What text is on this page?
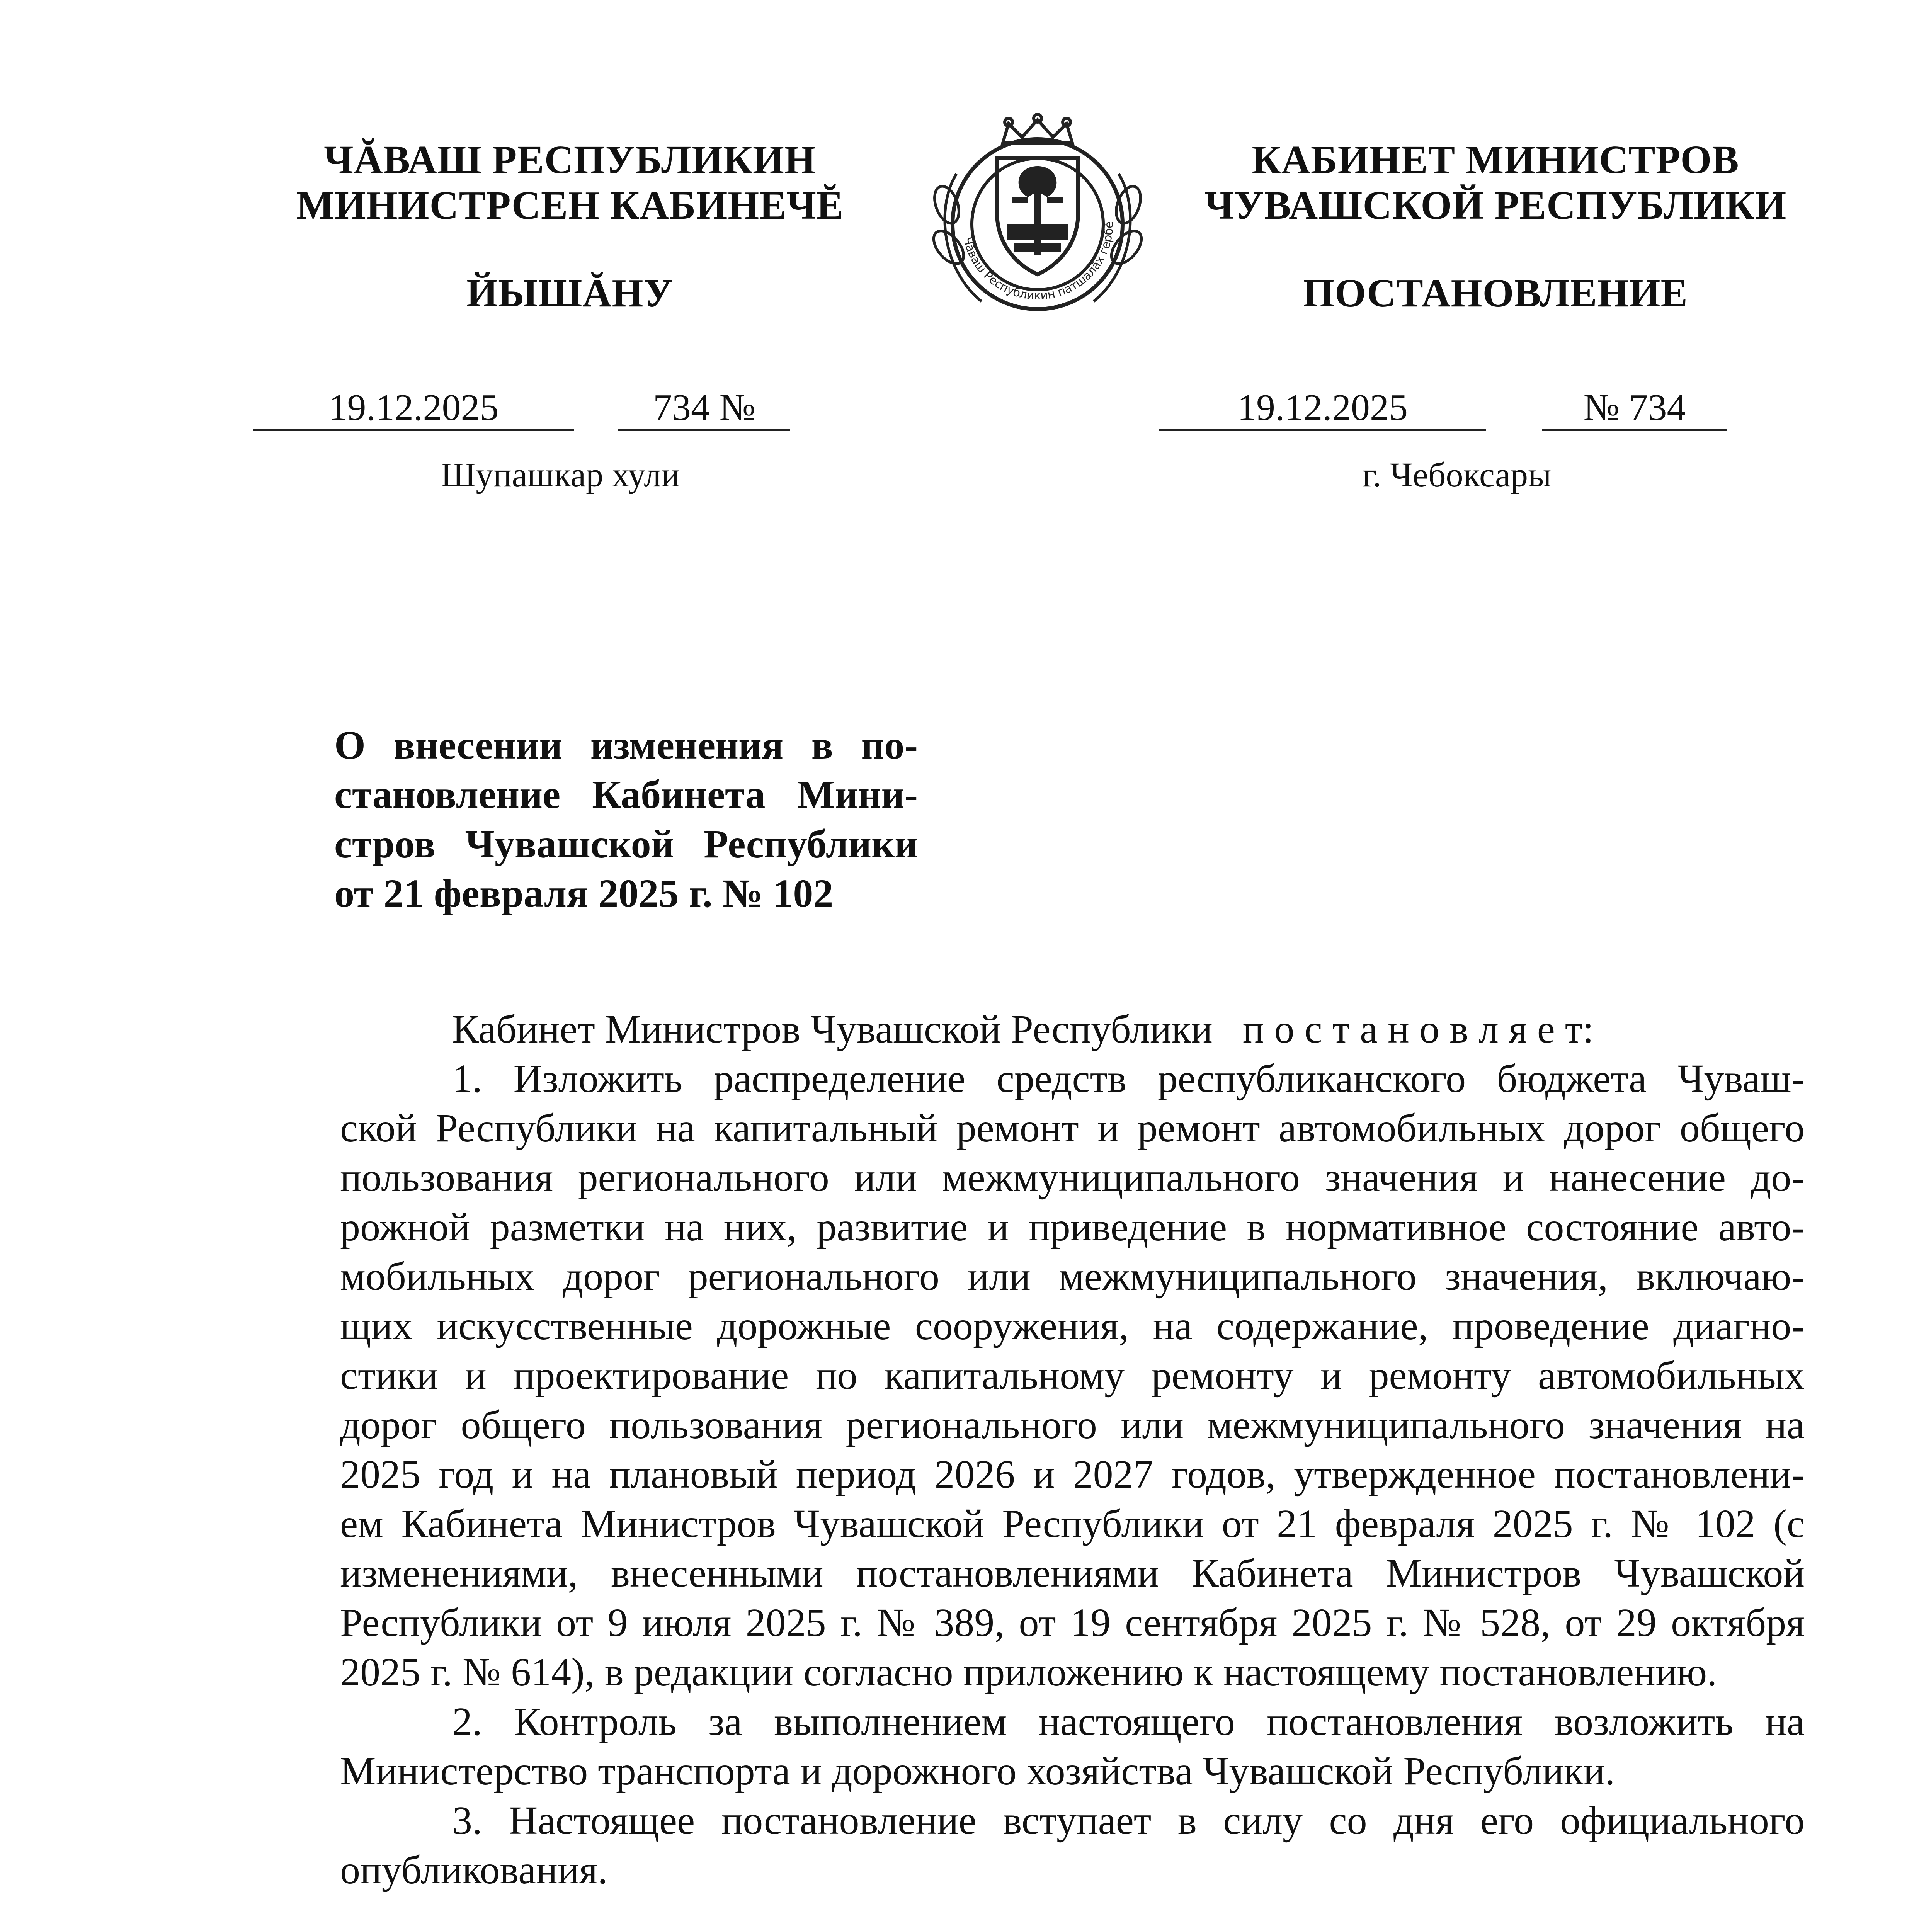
ЧĂВАШ РЕСПУБЛИКИН
МИНИСТРСЕН КАБИНЕЧĔ
ЙЫШĂНУ
Чăваш Республикин патшалăх гербĕ
КАБИНЕТ МИНИСТРОВ
ЧУВАШСКОЙ РЕСПУБЛИКИ
ПОСТАНОВЛЕНИЕ
19.12.2025	734 №	19.12.2025	№ 734
Шупашкар хули	г. Чебоксары
О внесении изменения в по-
становление Кабинета Мини-
стров Чувашской Республики
от 21 февраля 2025 г. № 102
Кабинет Министров Чувашской Республики п о с т а н о в л я е т:
1. Изложить распределение средств республиканского бюджета Чуваш-
ской Республики на капитальный ремонт и ремонт автомобильных дорог общего
пользования регионального или межмуниципального значения и нанесение до-
рожной разметки на них, развитие и приведение в нормативное состояние авто-
мобильных дорог регионального или межмуниципального значения, включаю-
щих искусственные дорожные сооружения, на содержание, проведение диагно-
стики и проектирование по капитальному ремонту и ремонту автомобильных
дорог общего пользования регионального или межмуниципального значения на
2025 год и на плановый период 2026 и 2027 годов, утвержденное постановлени-
ем Кабинета Министров Чувашской Республики от 21 февраля 2025 г. № 102 (с
изменениями, внесенными постановлениями Кабинета Министров Чувашской
Республики от 9 июля 2025 г. № 389, от 19 сентября 2025 г. № 528, от 29 октября
2025 г. № 614), в редакции согласно приложению к настоящему постановлению.
2. Контроль за выполнением настоящего постановления возложить на
Министерство транспорта и дорожного хозяйства Чувашской Республики.
3. Настоящее постановление вступает в силу со дня его официального
опубликования.
